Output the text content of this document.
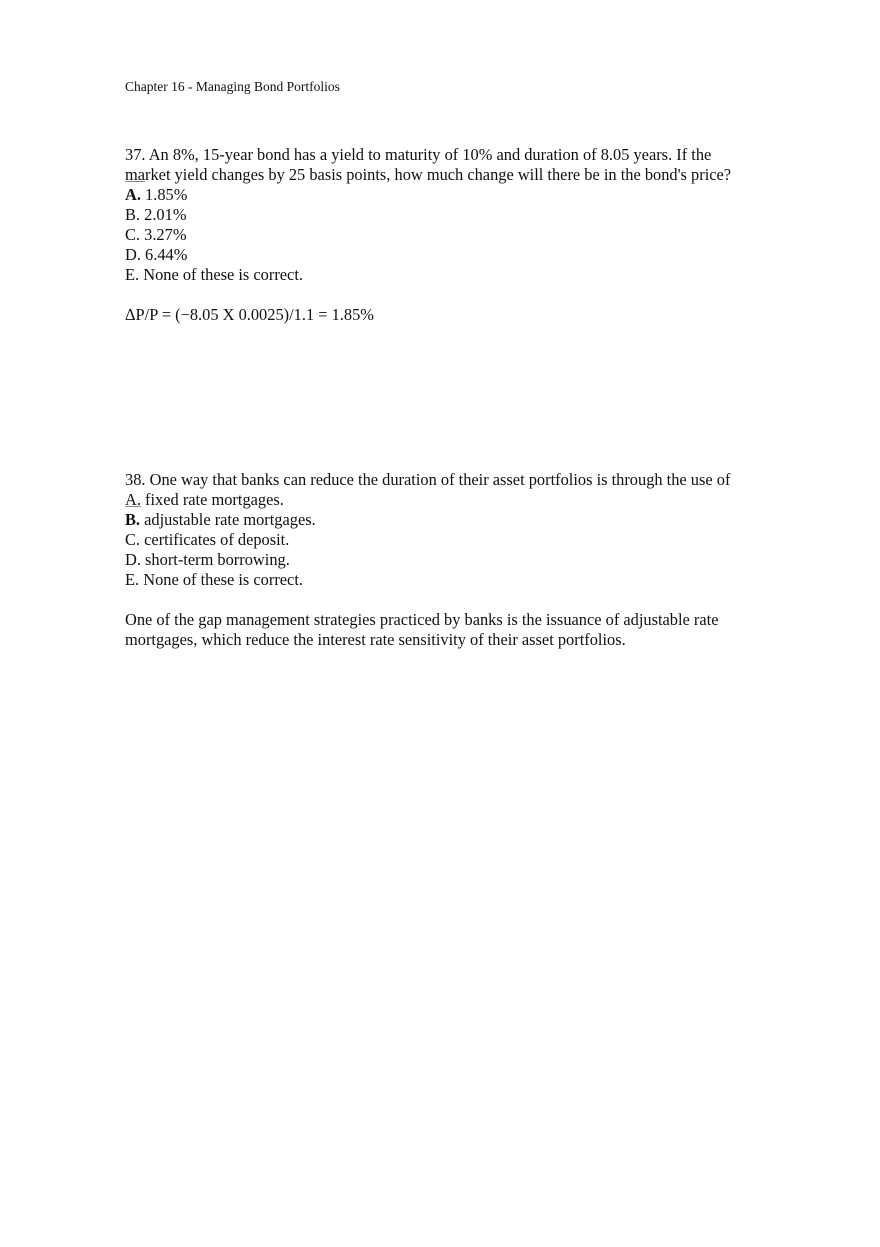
Chapter 16 - Managing Bond Portfolios
37. An 8%, 15-year bond has a yield to maturity of 10% and duration of 8.05 years. If the
market yield changes by 25 basis points, how much change will there be in the bond's price?
A. 1.85%
B. 2.01%
C. 3.27%
D. 6.44%
E. None of these is correct.
ΔP/P = (−8.05 X 0.0025)/1.1 = 1.85%
38. One way that banks can reduce the duration of their asset portfolios is through the use of
A. fixed rate mortgages.
B. adjustable rate mortgages.
C. certificates of deposit.
D. short-term borrowing.
E. None of these is correct.
One of the gap management strategies practiced by banks is the issuance of adjustable rate
mortgages, which reduce the interest rate sensitivity of their asset portfolios.
